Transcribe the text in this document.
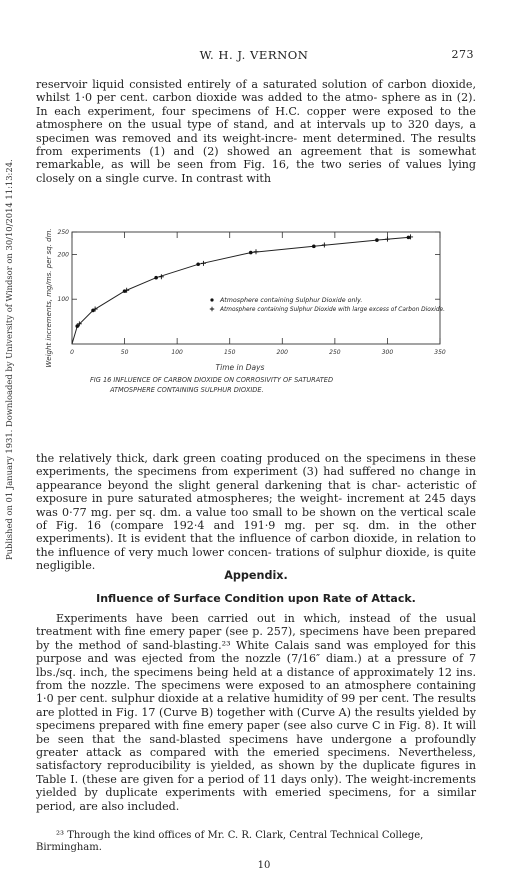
Published on 01 January 1931. Downloaded by University of Windsor on 30/10/2014 11:13:24.
W. H. J. VERNON	273
reservoir liquid consisted entirely of a saturated solution of carbon dioxide, whilst 1·0 per cent. carbon dioxide was added to the atmo- sphere as in (2). In each experiment, four specimens of H.C. copper were exposed to the atmosphere on the usual type of stand, and at intervals up to 320 days, a specimen was removed and its weight-incre- ment determined. The results from experiments (1) and (2) showed an agreement that is somewhat remarkable, as will be seen from Fig. 16, the two series of values lying closely on a single curve. In contrast with
0	50	100	150	200	250	300	350
100
200
250
Atmosphere containing Sulphur Dioxide only.
Atmosphere containing Sulphur Dioxide with large excess of Carbon Dioxide.
Time in Days
Weight increments, mg/ms. per sq. dm.
FIG 16 INFLUENCE OF CARBON DIOXIDE ON CORROSIVITY OF SATURATED
ATMOSPHERE CONTAINING SULPHUR DIOXIDE.
the relatively thick, dark green coating produced on the specimens in these experiments, the specimens from experiment (3) had suffered no change in appearance beyond the slight general darkening that is char- acteristic of exposure in pure saturated atmospheres; the weight- increment at 245 days was 0·77 mg. per sq. dm. a value too small to be shown on the vertical scale of Fig. 16 (compare 192·4 and 191·9 mg. per sq. dm. in the other experiments). It is evident that the influence of carbon dioxide, in relation to the influence of very much lower concen- trations of sulphur dioxide, is quite negligible.
Appendix.
Influence of Surface Condition upon Rate of Attack.
Experiments have been carried out in which, instead of the usual treatment with fine emery paper (see p. 257), specimens have been prepared by the method of sand-blasting.²³ White Calais sand was employed for this purpose and was ejected from the nozzle (7/16″ diam.) at a pressure of 7 lbs./sq. inch, the specimens being held at a distance of approximately 12 ins. from the nozzle. The specimens were exposed to an atmosphere containing 1·0 per cent. sulphur dioxide at a relative humidity of 99 per cent. The results are plotted in Fig. 17 (Curve B) together with (Curve A) the results yielded by specimens prepared with fine emery paper (see also curve C in Fig. 8). It will be seen that the sand-blasted specimens have undergone a profoundly greater attack as compared with the emeried specimens. Nevertheless, satisfactory reproducibility is yielded, as shown by the duplicate figures in Table I. (these are given for a period of 11 days only). The weight-increments yielded by duplicate experiments with emeried specimens, for a similar period, are also included.
²³ Through the kind offices of Mr. C. R. Clark, Central Technical College, Birmingham.
10
